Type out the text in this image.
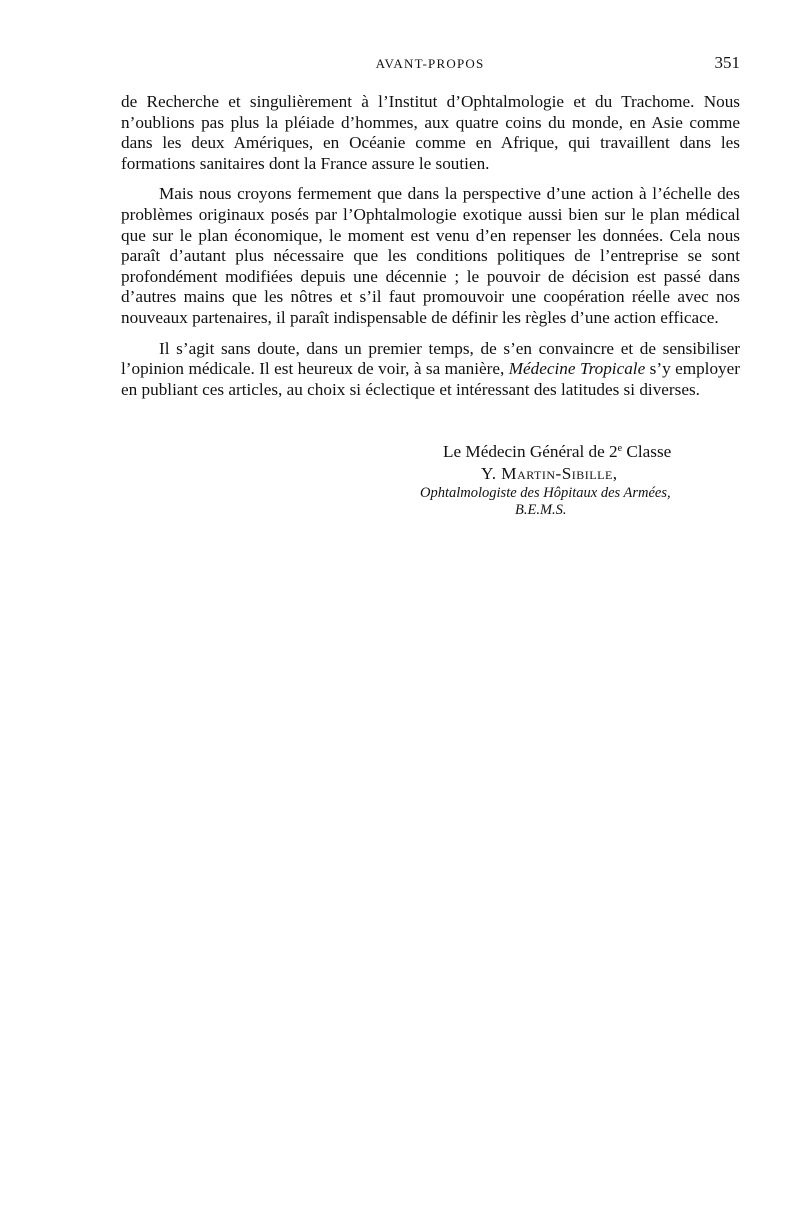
AVANT-PROPOS	351

de Recherche et singulièrement à l’Institut d’Ophtalmologie et du Trachome. Nous n’oublions pas plus la pléiade d’hommes, aux quatre coins du monde, en Asie comme dans les deux Amériques, en Océanie comme en Afrique, qui travaillent dans les formations sanitaires dont la France assure le soutien.

Mais nous croyons fermement que dans la perspective d’une action à l’échelle des problèmes originaux posés par l’Ophtalmologie exotique aussi bien sur le plan médical que sur le plan économique, le moment est venu d’en repenser les données. Cela nous paraît d’autant plus nécessaire que les conditions politiques de l’entreprise se sont profondément modifiées depuis une décennie ; le pouvoir de décision est passé dans d’autres mains que les nôtres et s’il faut promouvoir une coopération réelle avec nos nouveaux partenaires, il paraît indispensable de définir les règles d’une action efficace.

Il s’agit sans doute, dans un premier temps, de s’en convaincre et de sensibiliser l’opinion médicale. Il est heureux de voir, à sa manière, Médecine Tropicale s’y employer en publiant ces articles, au choix si éclectique et intéressant des latitudes si diverses.

Le Médecin Général de 2e Classe
Y. Martin-Sibille,
Ophtalmologiste des Hôpitaux des Armées,
B.E.M.S.
